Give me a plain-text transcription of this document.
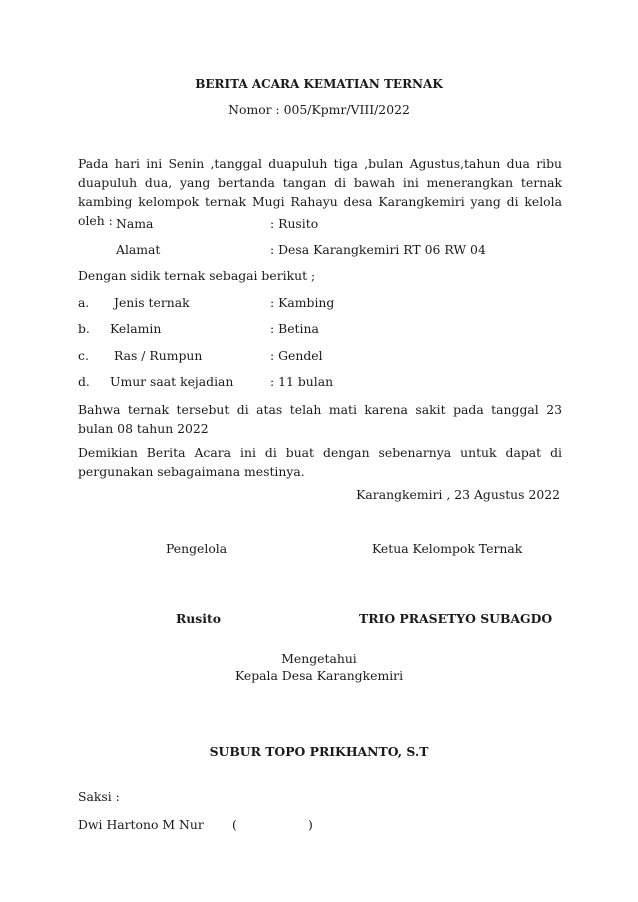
BERITA ACARA KEMATIAN TERNAK
Nomor : 005/Kpmr/VIII/2022
Pada hari ini Senin ,tanggal duapuluh tiga ,bulan Agustus,tahun dua ribu duapuluh dua, yang bertanda tangan di bawah ini menerangkan ternak kambing kelompok ternak Mugi Rahayu desa Karangkemiri yang di kelola oleh : Nama	: Rusito
Alamat	: Desa Karangkemiri RT 06 RW 04
Dengan sidik ternak sebagai berikut ;
a. Jenis ternak	: Kambing
b. Kelamin	: Betina
c. Ras / Rumpun	: Gendel
d. Umur saat kejadian	: 11 bulan
Bahwa ternak tersebut di atas telah mati karena sakit pada tanggal 23 bulan 08 tahun 2022
Demikian Berita Acara ini di buat dengan sebenarnya untuk dapat di pergunakan sebagaimana mestinya.
Karangkemiri , 23 Agustus 2022
Pengelola	Ketua Kelompok Ternak
Rusito	TRIO PRASETYO SUBAGDO
Mengetahui
Kepala Desa Karangkemiri
SUBUR TOPO PRIKHANTO, S.T
Saksi :
Dwi Hartono M Nur (	)
